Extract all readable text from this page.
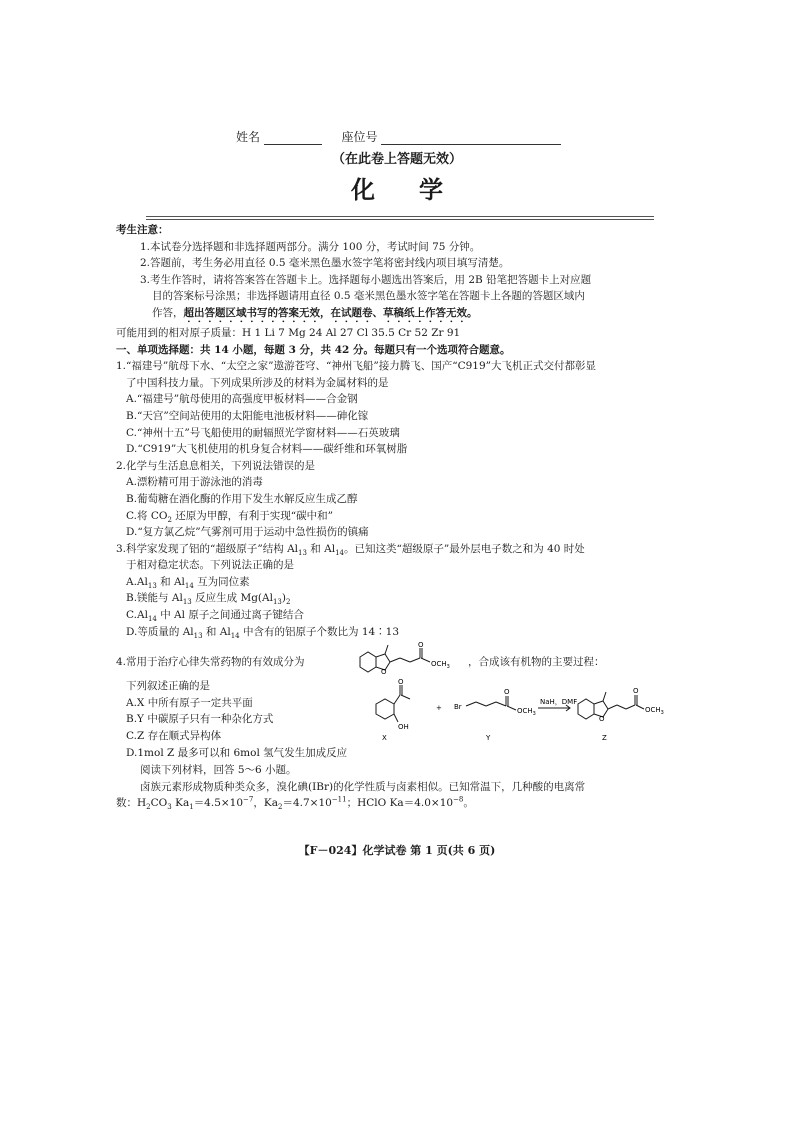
姓名	座位号
（在此卷上答题无效）
化学

考生注意：

1.本试卷分选择题和非选择题两部分。满分 100 分，考试时间 75 分钟。

2.答题前，考生务必用直径 0.5 毫米黑色墨水签字笔将密封线内项目填写清楚。

3.考生作答时，请将答案答在答题卡上。选择题每小题选出答案后，用 2B 铅笔把答题卡上对应题

目的答案标号涂黑；非选择题请用直径 0.5 毫米黑色墨水签字笔在答题卡上各题的答题区域内

作答，超出答题区域书写的答案无效，在试题卷、草稿纸上作答无效。

可能用到的相对原子质量：H 1 Li 7 Mg 24 Al 27 Cl 35.5 Cr 52 Zr 91

一、单项选择题：共 14 小题，每题 3 分，共 42 分。每题只有一个选项符合题意。

1.“福建号”航母下水、“太空之家”遨游苍穹、“神州飞船”接力腾飞、国产“C919”大飞机正式交付都彰显

了中国科技力量。下列成果所涉及的材料为金属材料的是

A.“福建号”航母使用的高强度甲板材料——合金钢

B.“天宫”空间站使用的太阳能电池板材料——砷化镓

C.“神州十五”号飞船使用的耐辐照光学窗材料——石英玻璃

D.“C919”大飞机使用的机身复合材料——碳纤维和环氧树脂

2.化学与生活息息相关，下列说法错误的是

A.漂粉精可用于游泳池的消毒

B.葡萄糖在酒化酶的作用下发生水解反应生成乙醇

C.将 $CO_2$ 还原为甲醇，有利于实现“碳中和”

D.“复方氯乙烷”气雾剂可用于运动中急性损伤的镇痛

3.科学家发现了铝的“超级原子”结构 $Al_{13}$ 和 $Al_{14}$。已知这类“超级原子”最外层电子数之和为 40 时处

于相对稳定状态。下列说法正确的是

$A.Al_{13}$ 和 $Al_{14}$ 互为同位素

B.镁能与 $Al_{13}$ 反应生成 $Mg(Al_{13})_2$

$C.Al_{14}$ 中 Al 原子之间通过离子键结合

D.等质量的 $Al_{13}$ 和 $Al_{14}$ 中含有的铝原子个数比为 14∶13

4.常用于治疗心律失常药物的有效成分为
O
O
$OCH_3$ ，合成该有机物的主要过程：

下列叙述正确的是

A.X 中所有原子一定共平面

B.Y 中碳原子只有一种杂化方式

C.Z 存在顺式异构体

D.1mol Z 最多可以和 6mol 氢气发生加成反应

O
OH
+ Br
O
$OCH_3$
NaH，DMF
O
O
$OCH_3$
X	Y	Z

阅读下列材料，回答 5～6 小题。

卤族元素形成物质种类众多，溴化碘(IBr)的化学性质与卤素相似。已知常温下，几种酸的电离常

数：$H_2CO_3$ $Ka_1=4.5\times 10^{-7}$，$Ka_2=4.7\times 10^{-11}$；HClO $Ka=4.0\times 10^{-8}$。

【F－024】化学试卷 第 1 页(共 6 页)
